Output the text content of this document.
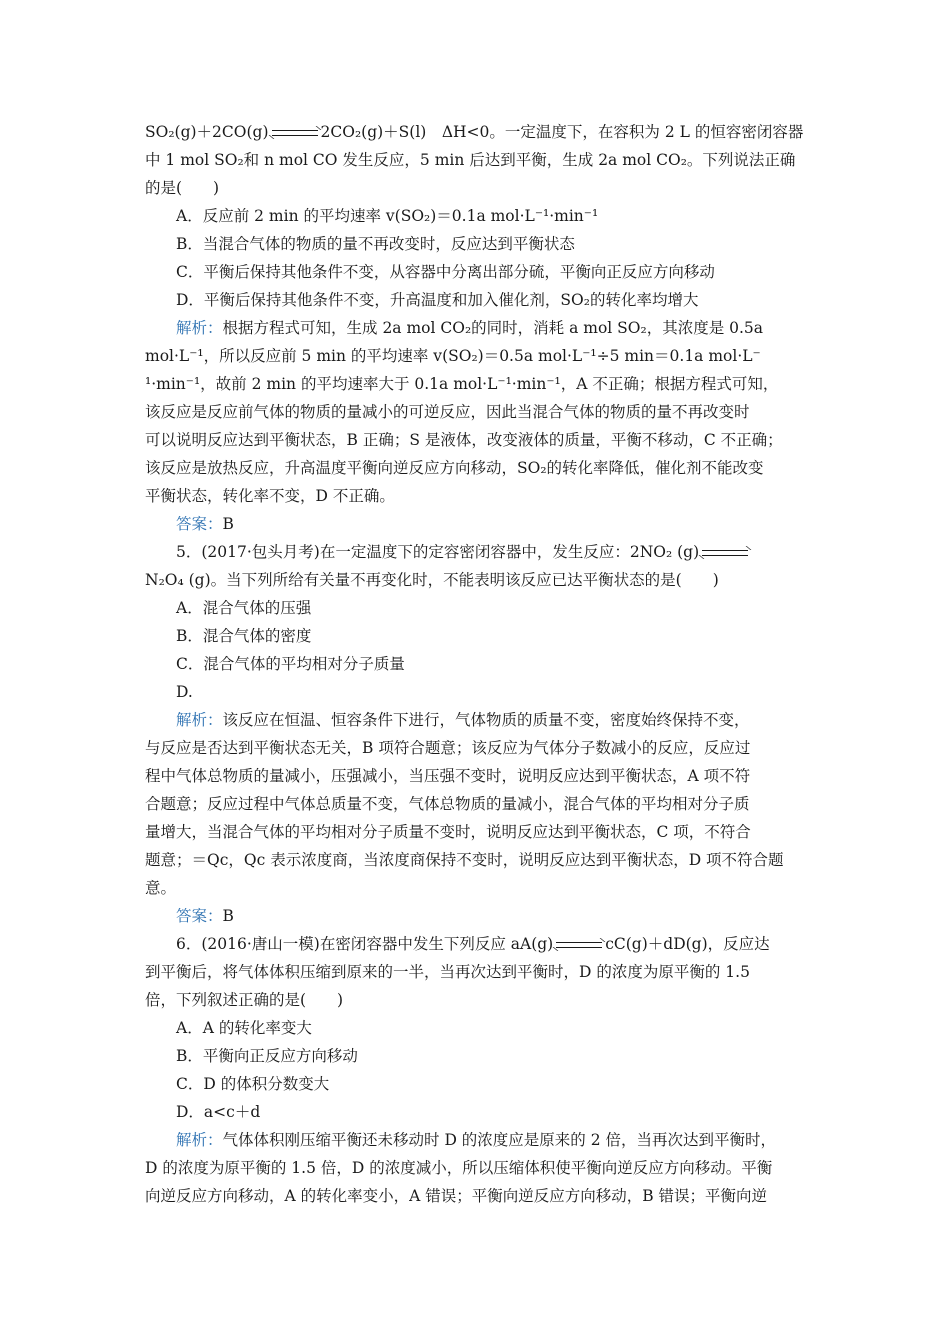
SO₂(g)＋2CO(g)	2CO₂(g)＋S(l)　ΔH<0。一定温度下，在容积为 2 L 的恒容密闭容器
中 1 mol SO₂和 n mol CO 发生反应，5 min 后达到平衡，生成 2a mol CO₂。下列说法正确
的是(　　)
A．反应前 2 min 的平均速率 v(SO₂)＝0.1a mol·L⁻¹·min⁻¹
B．当混合气体的物质的量不再改变时，反应达到平衡状态
C．平衡后保持其他条件不变，从容器中分离出部分硫，平衡向正反应方向移动
D．平衡后保持其他条件不变，升高温度和加入催化剂，SO₂的转化率均增大
解析：根据方程式可知，生成 2a mol CO₂的同时，消耗 a mol SO₂，其浓度是 0.5a
mol·L⁻¹，所以反应前 5 min 的平均速率 v(SO₂)＝0.5a mol·L⁻¹÷5 min＝0.1a mol·L⁻
¹·min⁻¹，故前 2 min 的平均速率大于 0.1a mol·L⁻¹·min⁻¹，A 不正确；根据方程式可知，
该反应是反应前气体的物质的量减小的可逆反应，因此当混合气体的物质的量不再改变时
可以说明反应达到平衡状态，B 正确；S 是液体，改变液体的质量，平衡不移动，C 不正确；
该反应是放热反应，升高温度平衡向逆反应方向移动，SO₂的转化率降低，催化剂不能改变
平衡状态，转化率不变，D 不正确。
答案：B
5．(2017·包头月考)在一定温度下的定容密闭容器中，发生反应：2NO₂ (g)
N₂O₄ (g)。当下列所给有关量不再变化时，不能表明该反应已达平衡状态的是(　　)
A．混合气体的压强
B．混合气体的密度
C．混合气体的平均相对分子质量
D.
解析：该反应在恒温、恒容条件下进行，气体物质的质量不变，密度始终保持不变，
与反应是否达到平衡状态无关，B 项符合题意；该反应为气体分子数减小的反应，反应过
程中气体总物质的量减小，压强减小，当压强不变时，说明反应达到平衡状态，A 项不符
合题意；反应过程中气体总质量不变，气体总物质的量减小，混合气体的平均相对分子质
量增大，当混合气体的平均相对分子质量不变时，说明反应达到平衡状态，C 项，不符合
题意；＝Qc，Qc 表示浓度商，当浓度商保持不变时，说明反应达到平衡状态，D 项不符合题
意。
答案：B
6．(2016·唐山一模)在密闭容器中发生下列反应 aA(g)	cC(g)＋dD(g)，反应达
到平衡后，将气体体积压缩到原来的一半，当再次达到平衡时，D 的浓度为原平衡的 1.5
倍，下列叙述正确的是(　　)
A．A 的转化率变大
B．平衡向正反应方向移动
C．D 的体积分数变大
D．a<c＋d
解析：气体体积刚压缩平衡还未移动时 D 的浓度应是原来的 2 倍，当再次达到平衡时，
D 的浓度为原平衡的 1.5 倍，D 的浓度减小，所以压缩体积使平衡向逆反应方向移动。平衡
向逆反应方向移动，A 的转化率变小，A 错误；平衡向逆反应方向移动，B 错误；平衡向逆
